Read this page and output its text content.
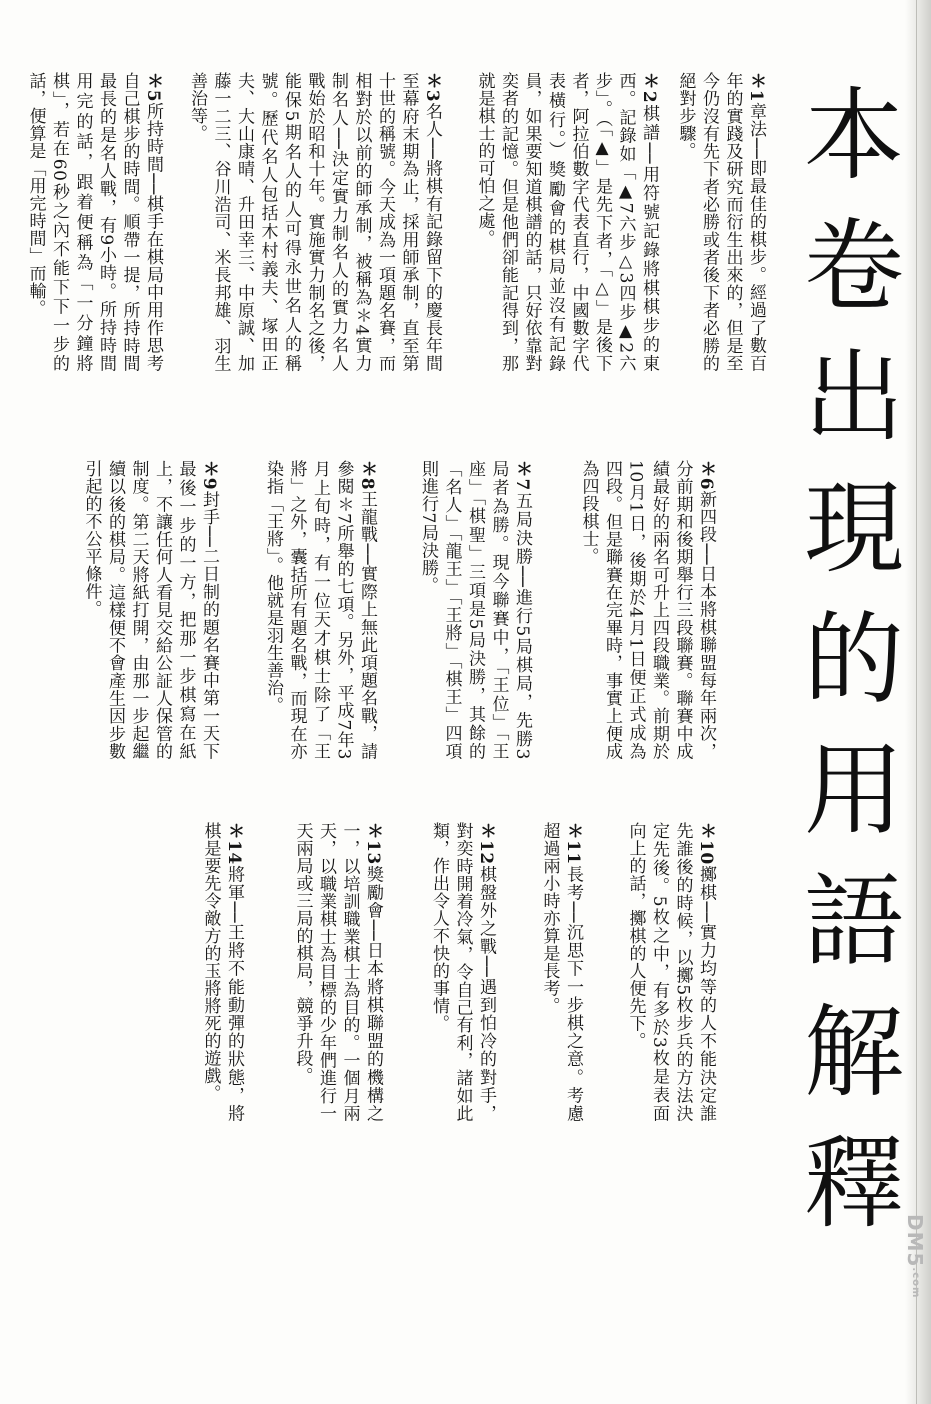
本卷出現的用語解釋

＊1章法──即最佳的棋步。經過了數百年的實踐及研究而衍生出來的，但是至今仍沒有先下者必勝或者後下者必勝的絕對步驟。

＊2棋譜──用符號記錄將棋棋步的東西。記錄如「▲7六步△3四步▲2六步」。（「▲」是先下者，「△」是後下者，阿拉伯數字代表直行，中國數字代表橫行。）獎勵會的棋局並沒有記錄員，如果要知道棋譜的話，只好依靠對奕者的記憶。但是他們卻能記得到，那就是棋士的可怕之處。

＊3名人──將棋有記錄留下的慶長年間至幕府末期為止，採用師承制，直至第十世的稱號。今天成為一項題名賽，而相對於以前的師承制，被稱為＊4實力制名人──決定實力制名人的實力名人戰始於昭和十年。實施實力制名之後，能保5期名人的人可得永世名人的稱號。歷代名人包括木村義夫、塚田正夫、大山康晴、升田幸三、中原誠、加藤一二三、谷川浩司、米長邦雄、羽生善治等。

＊5所持時間──棋手在棋局中用作思考自己棋步的時間。順帶一提，所持時間最長的是名人戰，有9小時。所持時間用完的話，跟着便稱為「一分鐘將棋」，若在60秒之內不能下下一步的話，便算是「用完時間」而輸。

＊6新四段──日本將棋聯盟每年兩次，分前期和後期舉行三段聯賽。聯賽中成績最好的兩名可升上四段職業。前期於10月1日，後期於4月1日便正式成為四段。但是聯賽在完畢時，事實上便成為四段棋士。

＊7五局決勝──進行5局棋局，先勝3局者為勝。現今聯賽中，「王位」「王座」「棋聖」三項是5局決勝，其餘的「名人」「龍王」「王將」「棋王」四項則進行7局決勝。

＊8王龍戰──實際上無此項題名戰，請參閱＊7所舉的七項。另外，平成7年3月上旬時，有一位天才棋士除了「王將」之外，囊括所有題名戰，而現在亦染指「王將」。他就是羽生善治。

＊9封手──二日制的題名賽中第一天下最後一步的一方，把那一步棋寫在紙上，不讓任何人看見交給公証人保管的制度。第二天將紙打開，由那一步起繼續以後的棋局。這樣便不會產生因步數引起的不公平條件。

＊10擲棋──實力均等的人不能決定誰先誰後的時候，以擲5枚步兵的方法決定先後。5枚之中，有多於3枚是表面向上的話，擲棋的人便先下。

＊11長考──沉思下一步棋之意。考慮超過兩小時亦算是長考。

＊12棋盤外之戰──遇到怕冷的對手，對奕時開着冷氣，令自己有利，諸如此類，作出令人不快的事情。

＊13獎勵會──日本將棋聯盟的機構之一，以培訓職業棋士為目的。一個月兩天，以職業棋士為目標的少年們進行一天兩局或三局的棋局，競爭升段。

＊14將軍──王將不能動彈的狀態，將棋是要先令敵方的玉將將死的遊戲。

DM5.com
